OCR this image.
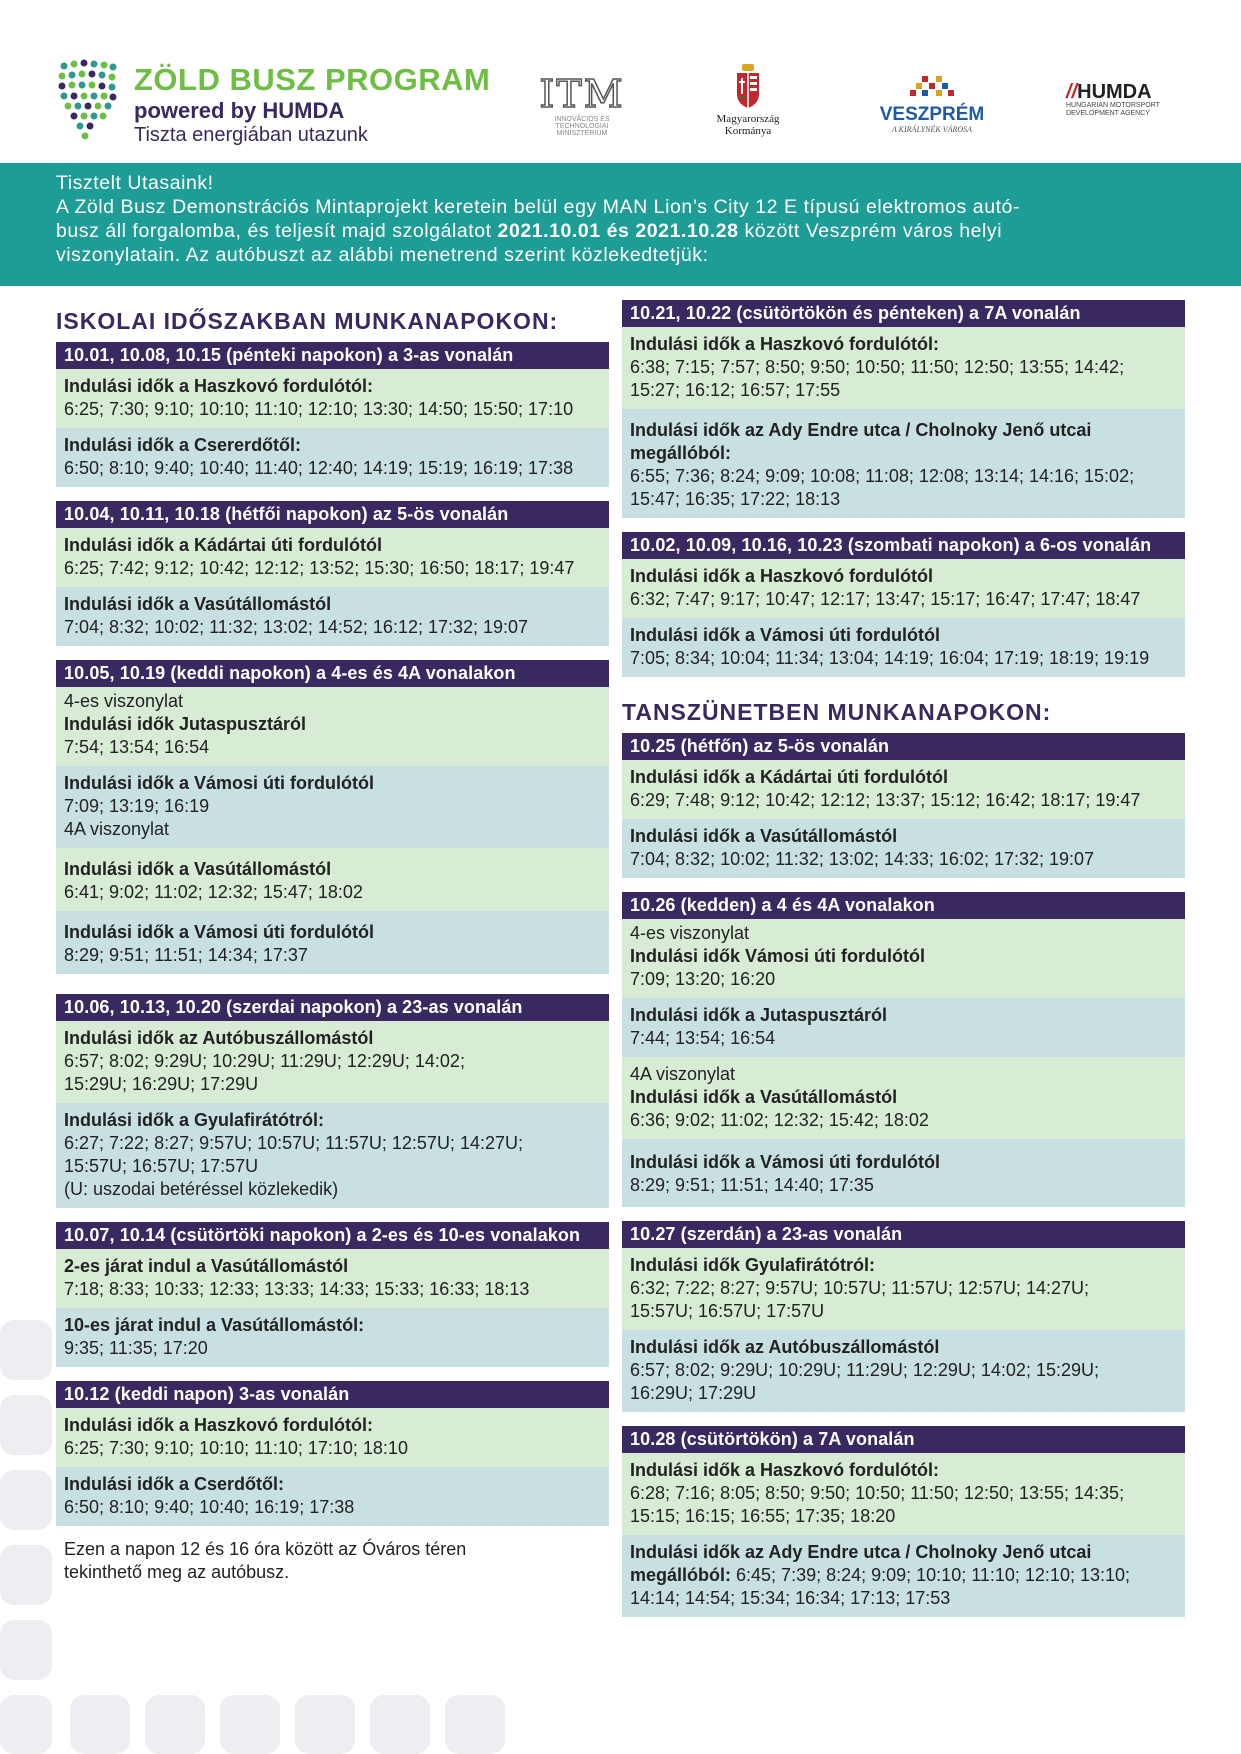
ZÖLD BUSZ PROGRAM
powered by HUMDA
Tiszta energiában utazunk
ITM
INNOVÁCIÓS ÉS TECHNOLÓGIAI MINISZTÉRIUM
Magyarország
Kormánya
VESZPRÉM
A KIRÁLYNÉK VÁROSA
//HUMDA
HUNGARIAN MOTORSPORT
DEVELOPMENT AGENCY
Tisztelt Utasaink!
A Zöld Busz Demonstrációs Mintaprojekt keretein belül egy MAN Lion’s City 12 E típusú elektromos autó-
busz áll forgalomba, és teljesít majd szolgálatot 2021.10.01 és 2021.10.28 között Veszprém város helyi
viszonylatain. Az autóbuszt az alábbi menetrend szerint közlekedtetjük:
ISKOLAI IDŐSZAKBAN MUNKANAPOKON:
10.01, 10.08, 10.15 (pénteki napokon) a 3-as vonalán
Indulási idők a Haszkovó fordulótól:
6:25; 7:30; 9:10; 10:10; 11:10; 12:10; 13:30; 14:50; 15:50; 17:10
Indulási idők a Csererdőtől:
6:50; 8:10; 9:40; 10:40; 11:40; 12:40; 14:19; 15:19; 16:19; 17:38
10.04, 10.11, 10.18 (hétfői napokon) az 5-ös vonalán
Indulási idők a Kádártai úti fordulótól
6:25; 7:42; 9:12; 10:42; 12:12; 13:52; 15:30; 16:50; 18:17; 19:47
Indulási idők a Vasútállomástól
7:04; 8:32; 10:02; 11:32; 13:02; 14:52; 16:12; 17:32; 19:07
10.05, 10.19 (keddi napokon) a 4-es és 4A vonalakon
4-es viszonylat
Indulási idők Jutaspusztáról
7:54; 13:54; 16:54
Indulási idők a Vámosi úti fordulótól
7:09; 13:19; 16:19
4A viszonylat
Indulási idők a Vasútállomástól
6:41; 9:02; 11:02; 12:32; 15:47; 18:02
Indulási idők a Vámosi úti fordulótól
8:29; 9:51; 11:51; 14:34; 17:37
10.06, 10.13, 10.20 (szerdai napokon) a 23-as vonalán
Indulási idők az Autóbuszállomástól
6:57; 8:02; 9:29U; 10:29U; 11:29U; 12:29U; 14:02;
15:29U; 16:29U; 17:29U
Indulási idők a Gyulafirátótról:
6:27; 7:22; 8:27; 9:57U; 10:57U; 11:57U; 12:57U; 14:27U;
15:57U; 16:57U; 17:57U
(U: uszodai betéréssel közlekedik)
10.07, 10.14 (csütörtöki napokon) a 2-es és 10-es vonalakon
2-es járat indul a Vasútállomástól
7:18; 8:33; 10:33; 12:33; 13:33; 14:33; 15:33; 16:33; 18:13
10-es járat indul a Vasútállomástól:
9:35; 11:35; 17:20
10.12 (keddi napon) 3-as vonalán
Indulási idők a Haszkovó fordulótól:
6:25; 7:30; 9:10; 10:10; 11:10; 17:10; 18:10
Indulási idők a Cserdőtől:
6:50; 8:10; 9:40; 10:40; 16:19; 17:38
Ezen a napon 12 és 16 óra között az Óváros téren
tekinthető meg az autóbusz.
10.21, 10.22 (csütörtökön és pénteken) a 7A vonalán
Indulási idők a Haszkovó fordulótól:
6:38; 7:15; 7:57; 8:50; 9:50; 10:50; 11:50; 12:50; 13:55; 14:42;
15:27; 16:12; 16:57; 17:55
Indulási idők az Ady Endre utca / Cholnoky Jenő utcai
megállóból:
6:55; 7:36; 8:24; 9:09; 10:08; 11:08; 12:08; 13:14; 14:16; 15:02;
15:47; 16:35; 17:22; 18:13
10.02, 10.09, 10.16, 10.23 (szombati napokon) a 6-os vonalán
Indulási idők a Haszkovó fordulótól
6:32; 7:47; 9:17; 10:47; 12:17; 13:47; 15:17; 16:47; 17:47; 18:47
Indulási idők a Vámosi úti fordulótól
7:05; 8:34; 10:04; 11:34; 13:04; 14:19; 16:04; 17:19; 18:19; 19:19
TANSZÜNETBEN MUNKANAPOKON:
10.25 (hétfőn) az 5-ös vonalán
Indulási idők a Kádártai úti fordulótól
6:29; 7:48; 9:12; 10:42; 12:12; 13:37; 15:12; 16:42; 18:17; 19:47
Indulási idők a Vasútállomástól
7:04; 8:32; 10:02; 11:32; 13:02; 14:33; 16:02; 17:32; 19:07
10.26 (kedden) a 4 és 4A vonalakon
4-es viszonylat
Indulási idők Vámosi úti fordulótól
7:09; 13:20; 16:20
Indulási idők a Jutaspusztáról
7:44; 13:54; 16:54
4A viszonylat
Indulási idők a Vasútállomástól
6:36; 9:02; 11:02; 12:32; 15:42; 18:02
Indulási idők a Vámosi úti fordulótól
8:29; 9:51; 11:51; 14:40; 17:35
10.27 (szerdán) a 23-as vonalán
Indulási idők Gyulafirátótról:
6:32; 7:22; 8:27; 9:57U; 10:57U; 11:57U; 12:57U; 14:27U;
15:57U; 16:57U; 17:57U
Indulási idők az Autóbuszállomástól
6:57; 8:02; 9:29U; 10:29U; 11:29U; 12:29U; 14:02; 15:29U;
16:29U; 17:29U
10.28 (csütörtökön) a 7A vonalán
Indulási idők a Haszkovó fordulótól:
6:28; 7:16; 8:05; 8:50; 9:50; 10:50; 11:50; 12:50; 13:55; 14:35;
15:15; 16:15; 16:55; 17:35; 18:20
Indulási idők az Ady Endre utca / Cholnoky Jenő utcai
megállóból: 6:45; 7:39; 8:24; 9:09; 10:10; 11:10; 12:10; 13:10;
14:14; 14:54; 15:34; 16:34; 17:13; 17:53
